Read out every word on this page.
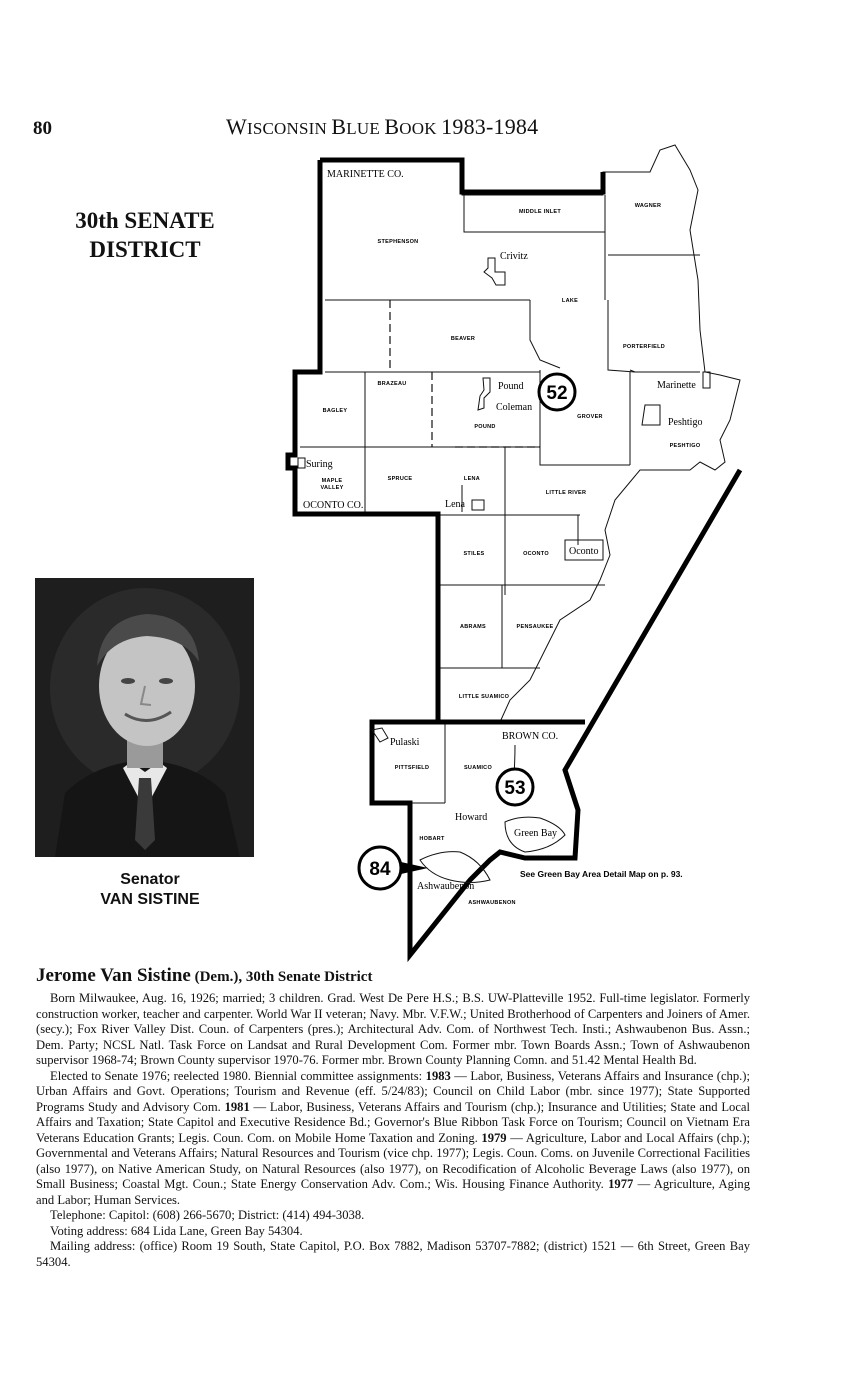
80	WISCONSIN BLUE BOOK 1983-1984
30th SENATE
DISTRICT
Senator
VAN SISTINE
52
53
84
MARINETTE CO.
OCONTO CO.
BROWN CO.
MIDDLE INLET
WAGNER
STEPHENSON
LAKE
BEAVER
PORTERFIELD
BRAZEAU
BAGLEY
POUND
GROVER
PESHTIGO
MAPLE
VALLEY
SPRUCE	LENA
LITTLE RIVER
STILES	OCONTO
ABRAMS	PENSAUKEE
LITTLE SUAMICO
PITTSFIELD	SUAMICO
HOBART
ASHWAUBENON
Crivitz
Pound
Coleman
Marinette
Peshtigo
Suring
Lena
Oconto
Pulaski
Howard
Green Bay
Ashwaubenon
See Green Bay Area Detail Map on p. 93.
Jerome Van Sistine (Dem.), 30th Senate District

Born Milwaukee, Aug. 16, 1926; married; 3 children. Grad. West De Pere H.S.; B.S. UW-Platteville 1952. Full-time legislator. Formerly construction worker, teacher and carpenter. World War II veteran; Navy. Mbr. V.F.W.; United Brotherhood of Carpenters and Joiners of Amer. (secy.); Fox River Valley Dist. Coun. of Carpenters (pres.); Architectural Adv. Com. of Northwest Tech. Insti.; Ashwaubenon Bus. Assn.; Dem. Party; NCSL Natl. Task Force on Landsat and Rural Development Com. Former mbr. Town Boards Assn.; Town of Ashwaubenon supervisor 1968-74; Brown County supervisor 1970-76. Former mbr. Brown County Planning Comn. and 51.42 Mental Health Bd.

Elected to Senate 1976; reelected 1980. Biennial committee assignments: 1983 — Labor, Business, Veterans Affairs and Insurance (chp.); Urban Affairs and Govt. Operations; Tourism and Revenue (eff. 5/24/83); Council on Child Labor (mbr. since 1977); State Supported Programs Study and Advisory Com. 1981 — Labor, Business, Veterans Affairs and Tourism (chp.); Insurance and Utilities; State and Local Affairs and Taxation; State Capitol and Executive Residence Bd.; Governor's Blue Ribbon Task Force on Tourism; Council on Vietnam Era Veterans Education Grants; Legis. Coun. Com. on Mobile Home Taxation and Zoning. 1979 — Agriculture, Labor and Local Affairs (chp.); Governmental and Veterans Affairs; Natural Resources and Tourism (vice chp. 1977); Legis. Coun. Coms. on Juvenile Correctional Facilities (also 1977), on Native American Study, on Natural Resources (also 1977), on Recodification of Alcoholic Beverage Laws (also 1977), on Small Business; Coastal Mgt. Coun.; State Energy Conservation Adv. Com.; Wis. Housing Finance Authority. 1977 — Agriculture, Aging and Labor; Human Services.

Telephone: Capitol: (608) 266-5670; District: (414) 494-3038.

Voting address: 684 Lida Lane, Green Bay 54304.

Mailing address: (office) Room 19 South, State Capitol, P.O. Box 7882, Madison 53707-7882; (district) 1521 — 6th Street, Green Bay 54304.
